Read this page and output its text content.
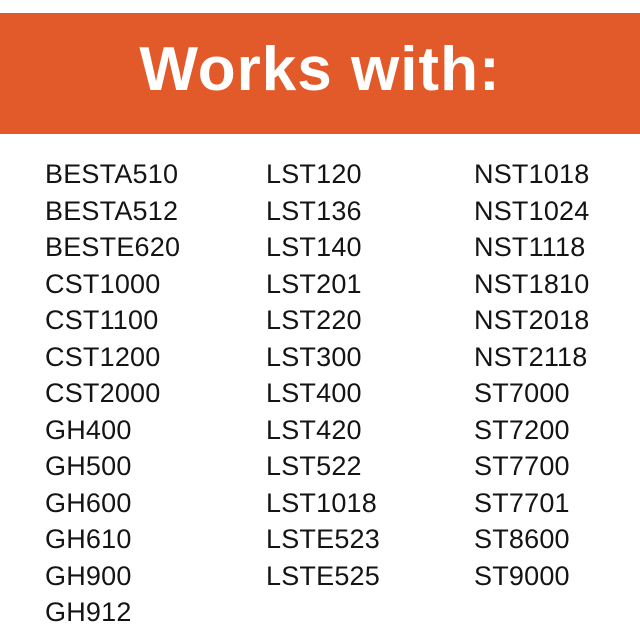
Works with:
BESTA510
BESTA512
BESTE620
CST1000
CST1100
CST1200
CST2000
GH400
GH500
GH600
GH610
GH900
GH912
LST120
LST136
LST140
LST201
LST220
LST300
LST400
LST420
LST522
LST1018
LSTE523
LSTE525
NST1018
NST1024
NST1118
NST1810
NST2018
NST2118
ST7000
ST7200
ST7700
ST7701
ST8600
ST9000
